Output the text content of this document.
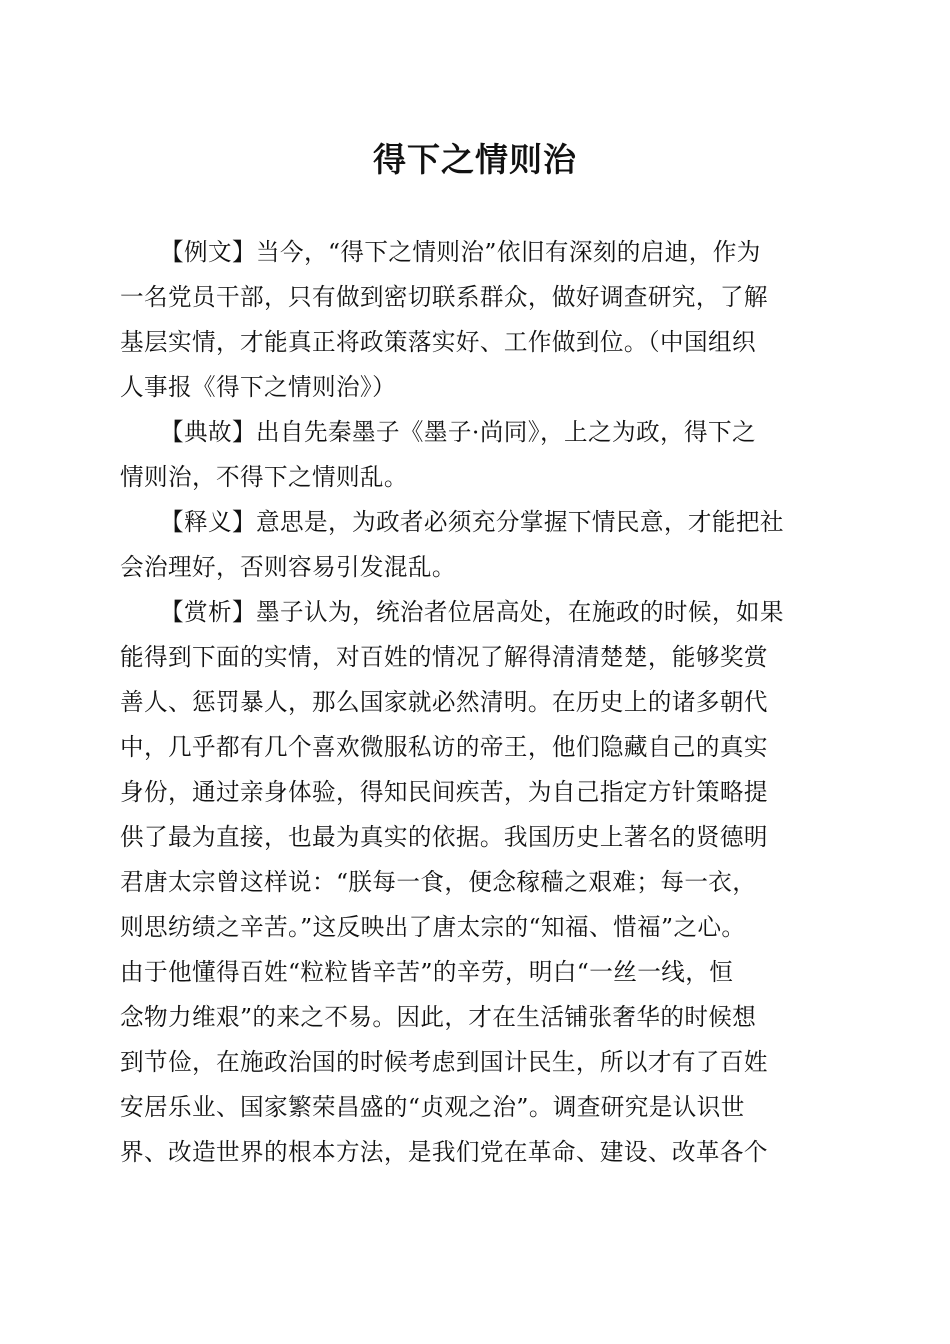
得下之情则治
【例文】当今，“得下之情则治”依旧有深刻的启迪，作为
一名党员干部，只有做到密切联系群众，做好调查研究，了解
基层实情，才能真正将政策落实好、工作做到位。（中国组织
人事报《得下之情则治》）
【典故】出自先秦墨子《墨子·尚同》，上之为政，得下之
情则治，不得下之情则乱。
【释义】意思是，为政者必须充分掌握下情民意，才能把社
会治理好，否则容易引发混乱。
【赏析】墨子认为，统治者位居高处，在施政的时候，如果
能得到下面的实情，对百姓的情况了解得清清楚楚，能够奖赏
善人、惩罚暴人，那么国家就必然清明。在历史上的诸多朝代
中，几乎都有几个喜欢微服私访的帝王，他们隐藏自己的真实
身份，通过亲身体验，得知民间疾苦，为自己指定方针策略提
供了最为直接，也最为真实的依据。我国历史上著名的贤德明
君唐太宗曾这样说：“朕每一食，便念稼穑之艰难；每一衣，
则思纺绩之辛苦。”这反映出了唐太宗的“知福、惜福”之心。
由于他懂得百姓“粒粒皆辛苦”的辛劳，明白“一丝一线，恒
念物力维艰”的来之不易。因此，才在生活铺张奢华的时候想
到节俭，在施政治国的时候考虑到国计民生，所以才有了百姓
安居乐业、国家繁荣昌盛的“贞观之治”。调查研究是认识世
界、改造世界的根本方法，是我们党在革命、建设、改革各个
